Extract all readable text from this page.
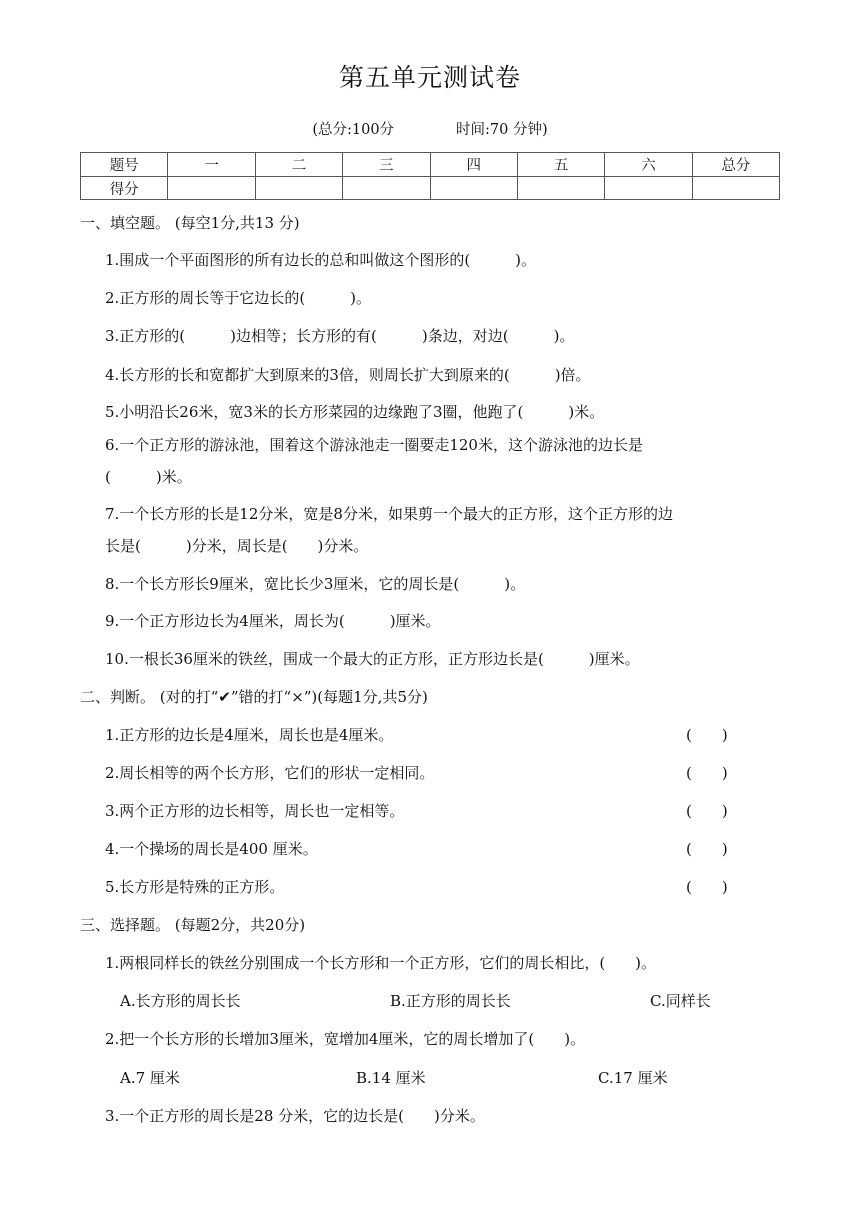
第五单元测试卷
(总分:100分	时间:70 分钟)
题号	一	二	三	四	五	六	总分
得分							
一、填空题。 (每空1分,共13 分)
1.围成一个平面图形的所有边长的总和叫做这个图形的(　　　)。
2.正方形的周长等于它边长的(　　　)。
3.正方形的(　　　)边相等；长方形的有(　　　)条边，对边(　　　)。
4.长方形的长和宽都扩大到原来的3倍，则周长扩大到原来的(　　　)倍。
5.小明沿长26米，宽3米的长方形菜园的边缘跑了3圈，他跑了(　　　)米。
6.一个正方形的游泳池，围着这个游泳池走一圈要走120米，这个游泳池的边长是
(　　　)米。
7.一个长方形的长是12分米，宽是8分米，如果剪一个最大的正方形，这个正方形的边
长是(　　　)分米，周长是(　　)分米。
8.一个长方形长9厘米，宽比长少3厘米，它的周长是(　　　)。
9.一个正方形边长为4厘米，周长为(　　　)厘米。
10.一根长36厘米的铁丝，围成一个最大的正方形，正方形边长是(　　　)厘米。
二、判断。 (对的打“✔”错的打“×”)(每题1分,共5分)
1.正方形的边长是4厘米，周长也是4厘米。	(　　)
2.周长相等的两个长方形，它们的形状一定相同。	(　　)
3.两个正方形的边长相等，周长也一定相等。	(　　)
4.一个操场的周长是400 厘米。	(　　)
5.长方形是特殊的正方形。	(　　)
三、选择题。 (每题2分，共20分)
1.两根同样长的铁丝分别围成一个长方形和一个正方形，它们的周长相比，(　　)。
A.长方形的周长长	B.正方形的周长长	C.同样长
2.把一个长方形的长增加3厘米，宽增加4厘米，它的周长增加了(　　)。
A.7 厘米	B.14 厘米	C.17 厘米
3.一个正方形的周长是28 分米，它的边长是(　　)分米。
